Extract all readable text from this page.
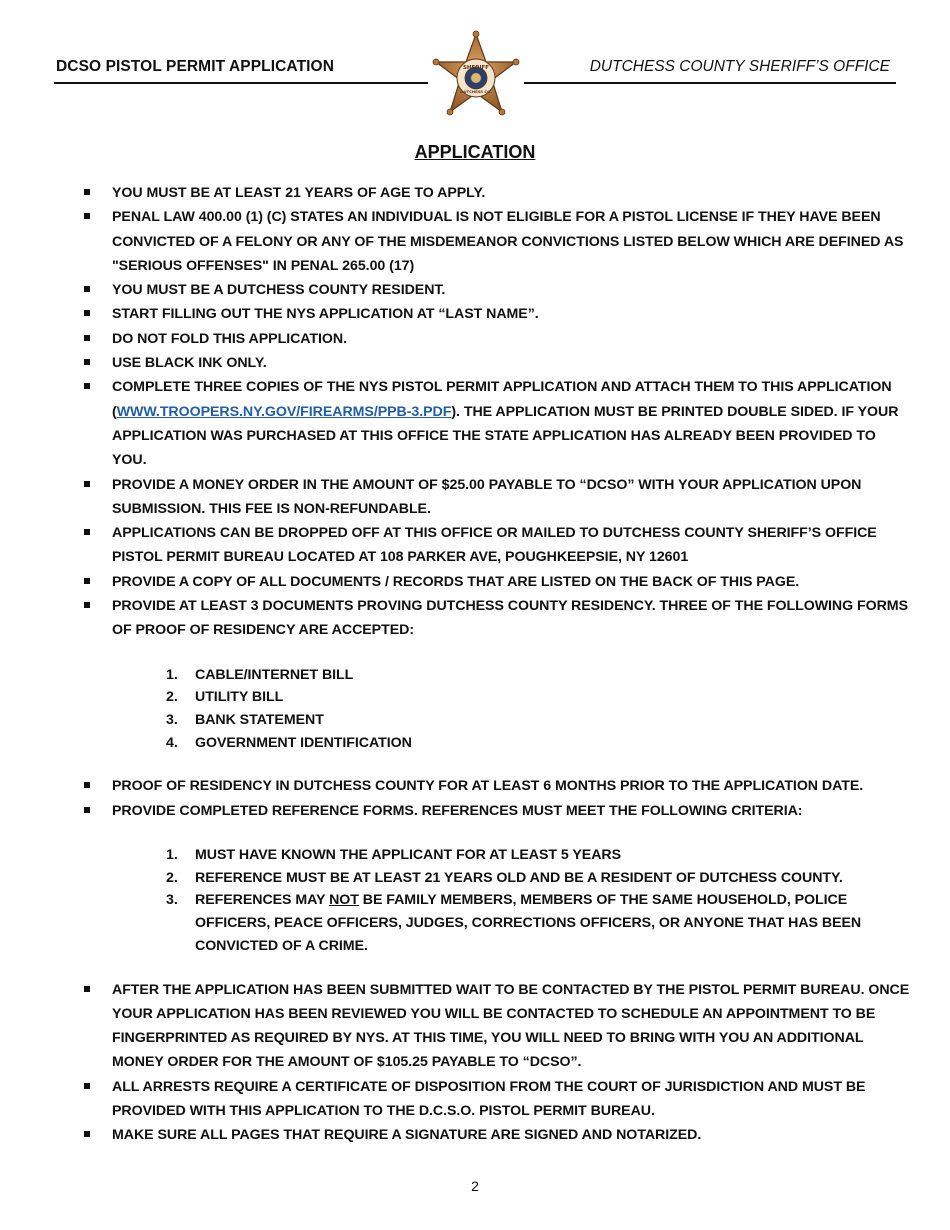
DCSO PISTOL PERMIT APPLICATION	DUTCHESS COUNTY SHERIFF’S OFFICE
SHERIFF
DUTCHESS CO.
APPLICATION
YOU MUST BE AT LEAST 21 YEARS OF AGE TO APPLY.
PENAL LAW 400.00 (1) (C) STATES AN INDIVIDUAL IS NOT ELIGIBLE FOR A PISTOL LICENSE IF THEY HAVE BEEN CONVICTED OF A FELONY OR ANY OF THE MISDEMEANOR CONVICTIONS LISTED BELOW WHICH ARE DEFINED AS "SERIOUS OFFENSES" IN PENAL 265.00 (17)
YOU MUST BE A DUTCHESS COUNTY RESIDENT.
START FILLING OUT THE NYS APPLICATION AT “LAST NAME”.
DO NOT FOLD THIS APPLICATION.
USE BLACK INK ONLY.
COMPLETE THREE COPIES OF THE NYS PISTOL PERMIT APPLICATION AND ATTACH THEM TO THIS APPLICATION (WWW.TROOPERS.NY.GOV/FIREARMS/PPB-3.PDF). THE APPLICATION MUST BE PRINTED DOUBLE SIDED. IF YOUR APPLICATION WAS PURCHASED AT THIS OFFICE THE STATE APPLICATION HAS ALREADY BEEN PROVIDED TO YOU.
PROVIDE A MONEY ORDER IN THE AMOUNT OF $25.00 PAYABLE TO “DCSO” WITH YOUR APPLICATION UPON SUBMISSION. THIS FEE IS NON-REFUNDABLE.
APPLICATIONS CAN BE DROPPED OFF AT THIS OFFICE OR MAILED TO DUTCHESS COUNTY SHERIFF’S OFFICE PISTOL PERMIT BUREAU LOCATED AT 108 PARKER AVE, POUGHKEEPSIE, NY 12601
PROVIDE A COPY OF ALL DOCUMENTS / RECORDS THAT ARE LISTED ON THE BACK OF THIS PAGE.
PROVIDE AT LEAST 3 DOCUMENTS PROVING DUTCHESS COUNTY RESIDENCY. THREE OF THE FOLLOWING FORMS OF PROOF OF RESIDENCY ARE ACCEPTED:
1. CABLE/INTERNET BILL
2. UTILITY BILL
3. BANK STATEMENT
4. GOVERNMENT IDENTIFICATION
PROOF OF RESIDENCY IN DUTCHESS COUNTY FOR AT LEAST 6 MONTHS PRIOR TO THE APPLICATION DATE.
PROVIDE COMPLETED REFERENCE FORMS. REFERENCES MUST MEET THE FOLLOWING CRITERIA:
1. MUST HAVE KNOWN THE APPLICANT FOR AT LEAST 5 YEARS
2. REFERENCE MUST BE AT LEAST 21 YEARS OLD AND BE A RESIDENT OF DUTCHESS COUNTY.
3. REFERENCES MAY NOT BE FAMILY MEMBERS, MEMBERS OF THE SAME HOUSEHOLD, POLICE OFFICERS, PEACE OFFICERS, JUDGES, CORRECTIONS OFFICERS, OR ANYONE THAT HAS BEEN CONVICTED OF A CRIME.
AFTER THE APPLICATION HAS BEEN SUBMITTED WAIT TO BE CONTACTED BY THE PISTOL PERMIT BUREAU. ONCE YOUR APPLICATION HAS BEEN REVIEWED YOU WILL BE CONTACTED TO SCHEDULE AN APPOINTMENT TO BE FINGERPRINTED AS REQUIRED BY NYS. AT THIS TIME, YOU WILL NEED TO BRING WITH YOU AN ADDITIONAL MONEY ORDER FOR THE AMOUNT OF $105.25 PAYABLE TO “DCSO”.
ALL ARRESTS REQUIRE A CERTIFICATE OF DISPOSITION FROM THE COURT OF JURISDICTION AND MUST BE PROVIDED WITH THIS APPLICATION TO THE D.C.S.O. PISTOL PERMIT BUREAU.
MAKE SURE ALL PAGES THAT REQUIRE A SIGNATURE ARE SIGNED AND NOTARIZED.
2
